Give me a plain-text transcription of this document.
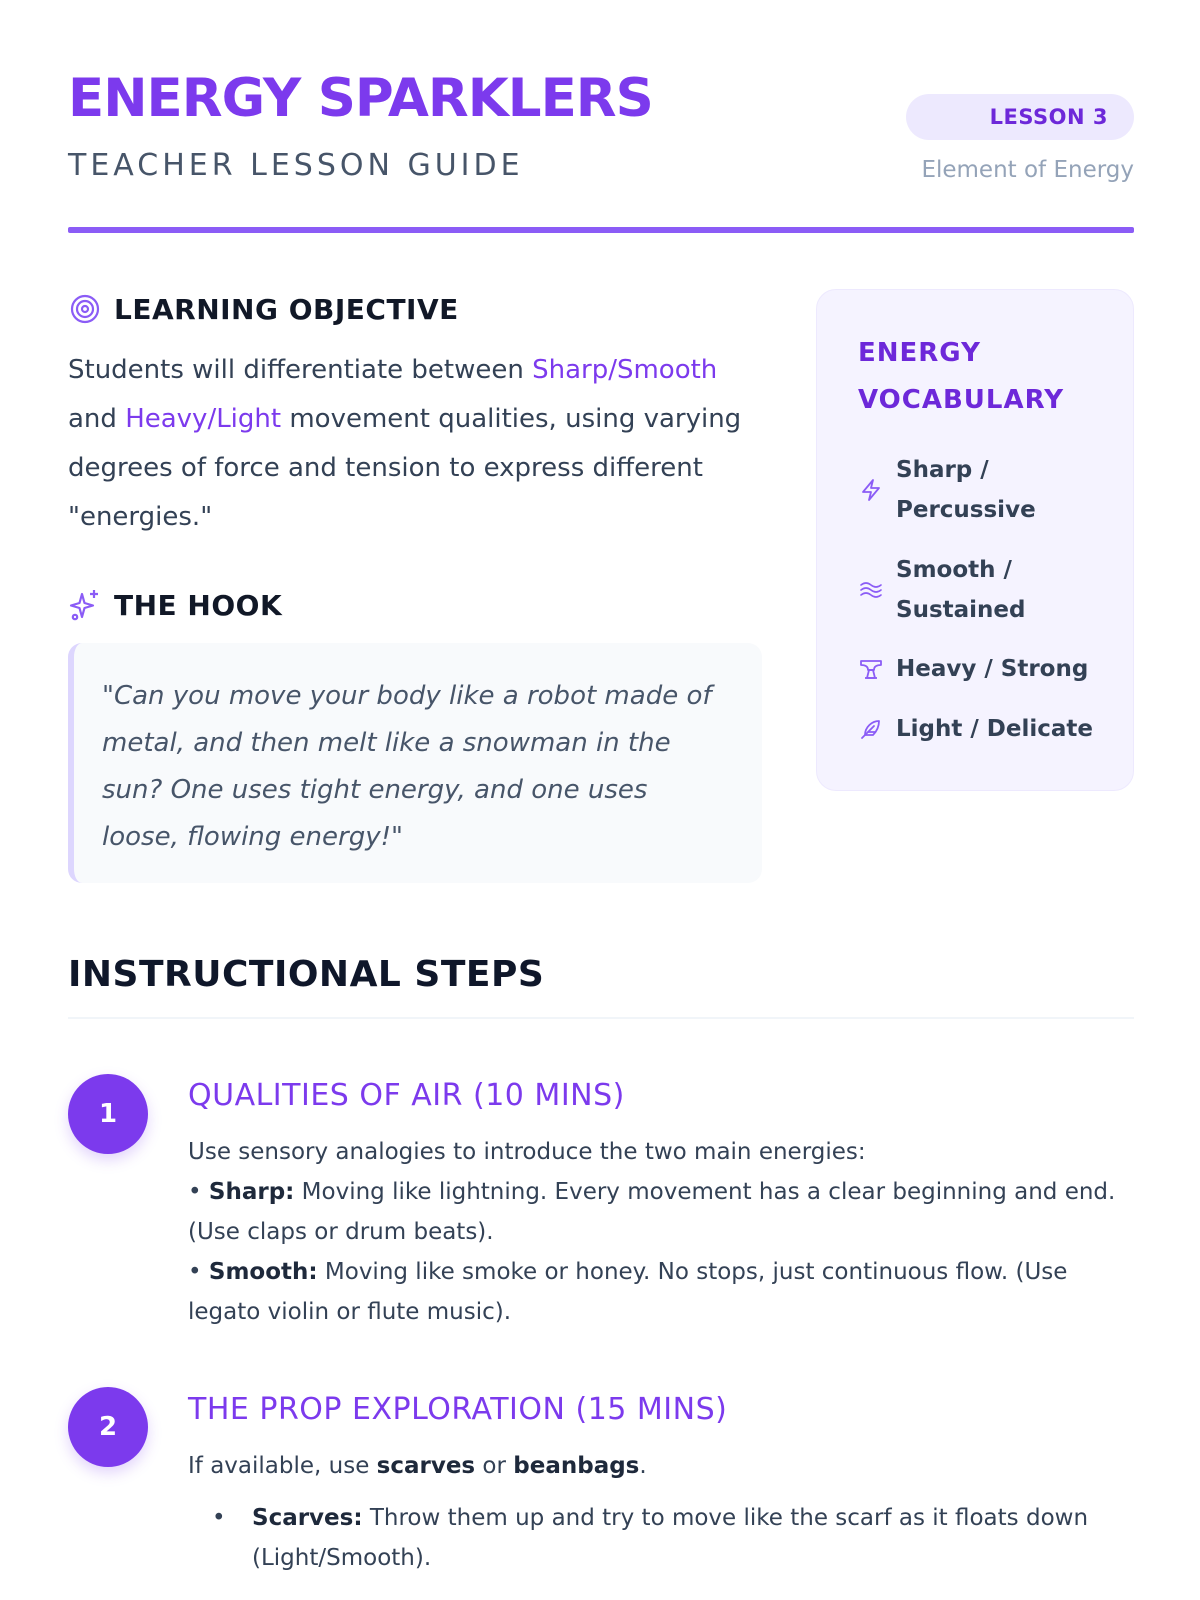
ENERGY SPARKLERS
TEACHER LESSON GUIDE
LESSON 3
Element of Energy
LEARNING OBJECTIVE
Students will differentiate between Sharp/Smooth and Heavy/Light movement qualities, using varying degrees of force and tension to express different "energies."
THE HOOK

"Can you move your body like a robot made of metal, and then melt like a snowman in the sun? One uses tight energy, and one uses loose, flowing energy!"

ENERGY VOCABULARY
Sharp /
Percussive
Smooth /
Sustained
Heavy / Strong
Light / Delicate
INSTRUCTIONAL STEPS
1
QUALITIES OF AIR (10 MINS)
Use sensory analogies to introduce the two main energies:
• Sharp: Moving like lightning. Every movement has a clear beginning and end. (Use claps or drum beats).
• Smooth: Moving like smoke or honey. No stops, just continuous flow. (Use legato violin or flute music).
2	THE PROP EXPLORATION (15 MINS)
If available, use scarves or beanbags.
• Scarves: Throw them up and try to move like the scarf as it floats down (Light/Smooth).
